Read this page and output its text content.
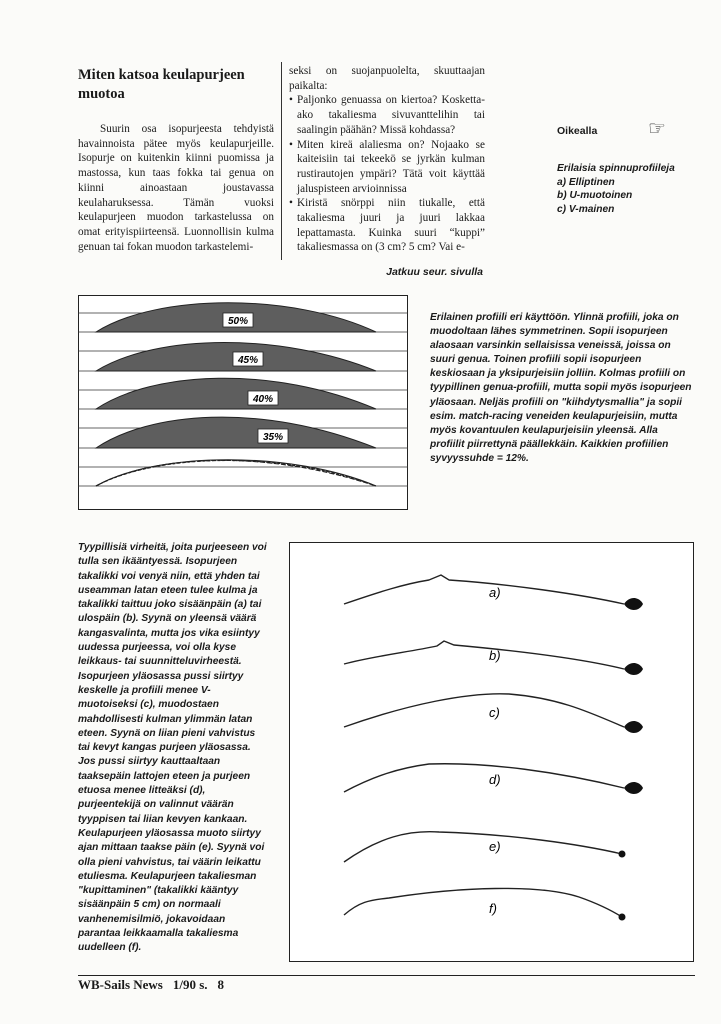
Miten katsoa keulapurjeen muotoa

Suurin osa isopurjeesta tehdyistä havainnoista pätee myös keulapurjeille. Isopurje on kuitenkin kiinni puomissa ja mastossa, kun taas fokka tai genua on kiinni ainoastaan joustavassa keulaharuksessa. Tämän vuoksi keulapurjeen muodon tarkastelussa on omat erityispiirteensä. Luonnollisin kulma genuan tai fokan muodon tarkastelemi-

seksi on suojanpuolelta, skuuttaajan paikalta:

• Paljonko genuassa on kiertoa? Koskettaako takaliesma sivuvanttelihin tai saalingin päähän? Missä kohdassa?
• Miten kireä alaliesma on? Nojaako se kaiteisiin tai tekeekö se jyrkän kulman rustirautojen ympäri? Tätä voit käyttää jaluspisteen arvioinnissa
• Kiristä snörppi niin tiukalle, että takaliesma juuri ja juuri lakkaa lepattamasta. Kuinka suuri “kuppi” takaliesmassa on (3 cm? 5 cm? Vai e-
Jatkuu seur. sivulla
Oikealla	☞

Erilaisia spinnuprofiileja

a) Elliptinen
b) U-muotoinen
c) V-mainen
50%
45%
40%
35%
Erilainen profiili eri käyttöön. Ylinnä profiili, joka on muodoltaan lähes symmetrinen. Sopii isopurjeen alaosaan varsinkin sellaisissa veneissä, joissa on suuri genua. Toinen profiili sopii isopurjeen keskiosaan ja yksipurjeisiin jolliin. Kolmas profiili on tyypillinen genua-profiili, mutta sopii myös isopurjeen yläosaan. Neljäs profiili on "kiihdytysmallia" ja sopii esim. match-racing veneiden keulapurjeisiin, mutta myös kovantuulen keulapurjeisiin yleensä. Alla profiilit piirrettynä päällekkäin. Kaikkien profiilien syvyyssuhde = 12%.
Tyypillisiä virheitä, joita purjeeseen voi tulla sen ikääntyessä. Isopurjeen takalikki voi venyä niin, että yhden tai useamman latan eteen tulee kulma ja takalikki taittuu joko sisäänpäin (a) tai ulospäin (b). Syynä on yleensä väärä kangasvalinta, mutta jos vika esiintyy uudessa purjeessa, voi olla kyse leikkaus- tai suunnitteluvirheestä. Isopurjeen yläosassa pussi siirtyy keskelle ja profiili menee V-muotoiseksi (c), muodostaen mahdollisesti kulman ylimmän latan eteen. Syynä on liian pieni vahvistus tai kevyt kangas purjeen yläosassa. Jos pussi siirtyy kauttaaltaan taaksepäin lattojen eteen ja purjeen etuosa menee litteäksi (d), purjeentekijä on valinnut väärän tyyppisen tai liian kevyen kankaan. Keulapurjeen yläosassa muoto siirtyy ajan mittaan taakse päin (e). Syynä voi olla pieni vahvistus, tai väärin leikattu etuliesma. Keulapurjeen takaliesman "kupittaminen" (takalikki kääntyy sisäänpäin 5 cm) on normaali vanhenemisilmiö, jokavoidaan parantaa leikkaamalla takaliesma uudelleen (f).
a)
b)
c)
d)
e)
f)
WB-Sails News 1/90 s. 8
